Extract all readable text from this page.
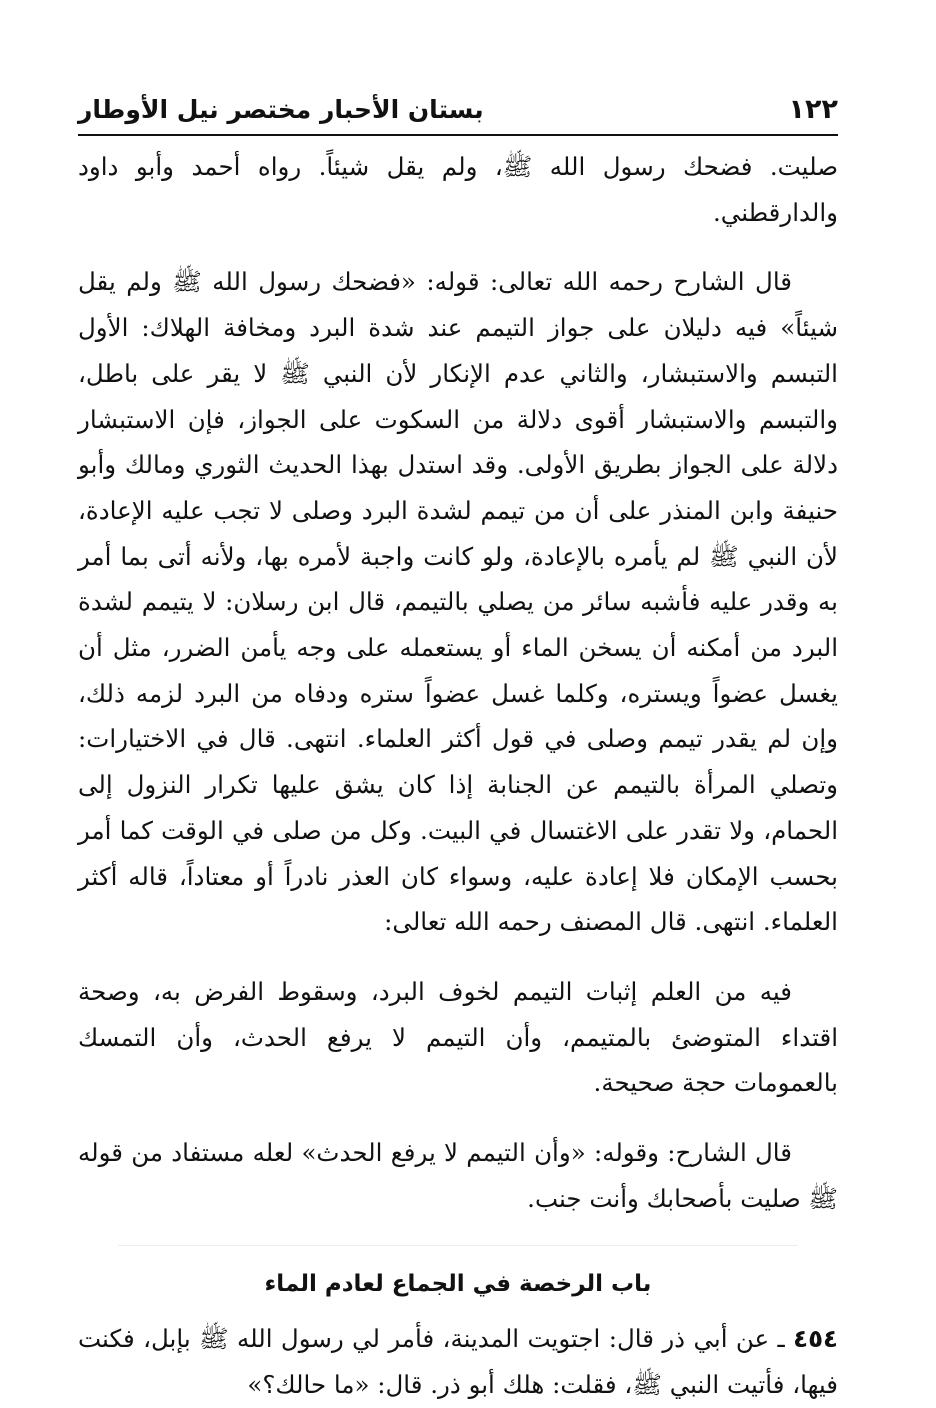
١٢٢
بستان الأحبار مختصر نيل الأوطار

صليت. فضحك رسول الله ﷺ، ولم يقل شيئاً. رواه أحمد وأبو داود والدارقطني.

قال الشارح رحمه الله تعالى: قوله: «فضحك رسول الله ﷺ ولم يقل شيئاً» فيه دليلان على جواز التيمم عند شدة البرد ومخافة الهلاك: الأول التبسم والاستبشار، والثاني عدم الإنكار لأن النبي ﷺ لا يقر على باطل، والتبسم والاستبشار أقوى دلالة من السكوت على الجواز، فإن الاستبشار دلالة على الجواز بطريق الأولى. وقد استدل بهذا الحديث الثوري ومالك وأبو حنيفة وابن المنذر على أن من تيمم لشدة البرد وصلى لا تجب عليه الإعادة، لأن النبي ﷺ لم يأمره بالإعادة، ولو كانت واجبة لأمره بها، ولأنه أتى بما أمر به وقدر عليه فأشبه سائر من يصلي بالتيمم، قال ابن رسلان: لا يتيمم لشدة البرد من أمكنه أن يسخن الماء أو يستعمله على وجه يأمن الضرر، مثل أن يغسل عضواً ويستره، وكلما غسل عضواً ستره ودفاه من البرد لزمه ذلك، وإن لم يقدر تيمم وصلى في قول أكثر العلماء. انتهى. قال في الاختيارات: وتصلي المرأة بالتيمم عن الجنابة إذا كان يشق عليها تكرار النزول إلى الحمام، ولا تقدر على الاغتسال في البيت. وكل من صلى في الوقت كما أمر بحسب الإمكان فلا إعادة عليه، وسواء كان العذر نادراً أو معتاداً، قاله أكثر العلماء. انتهى. قال المصنف رحمه الله تعالى:

فيه من العلم إثبات التيمم لخوف البرد، وسقوط الفرض به، وصحة اقتداء المتوضئ بالمتيمم، وأن التيمم لا يرفع الحدث، وأن التمسك بالعمومات حجة صحيحة.

قال الشارح: وقوله: «وأن التيمم لا يرفع الحدث» لعله مستفاد من قوله ﷺ صليت بأصحابك وأنت جنب.

باب الرخصة في الجماع لعادم الماء

٤٥٤ ـ عن أبي ذر قال: اجتويت المدينة، فأمر لي رسول الله ﷺ بإبل، فكنت فيها، فأتيت النبي ﷺ، فقلت: هلك أبو ذر. قال: «ما حالك؟»
